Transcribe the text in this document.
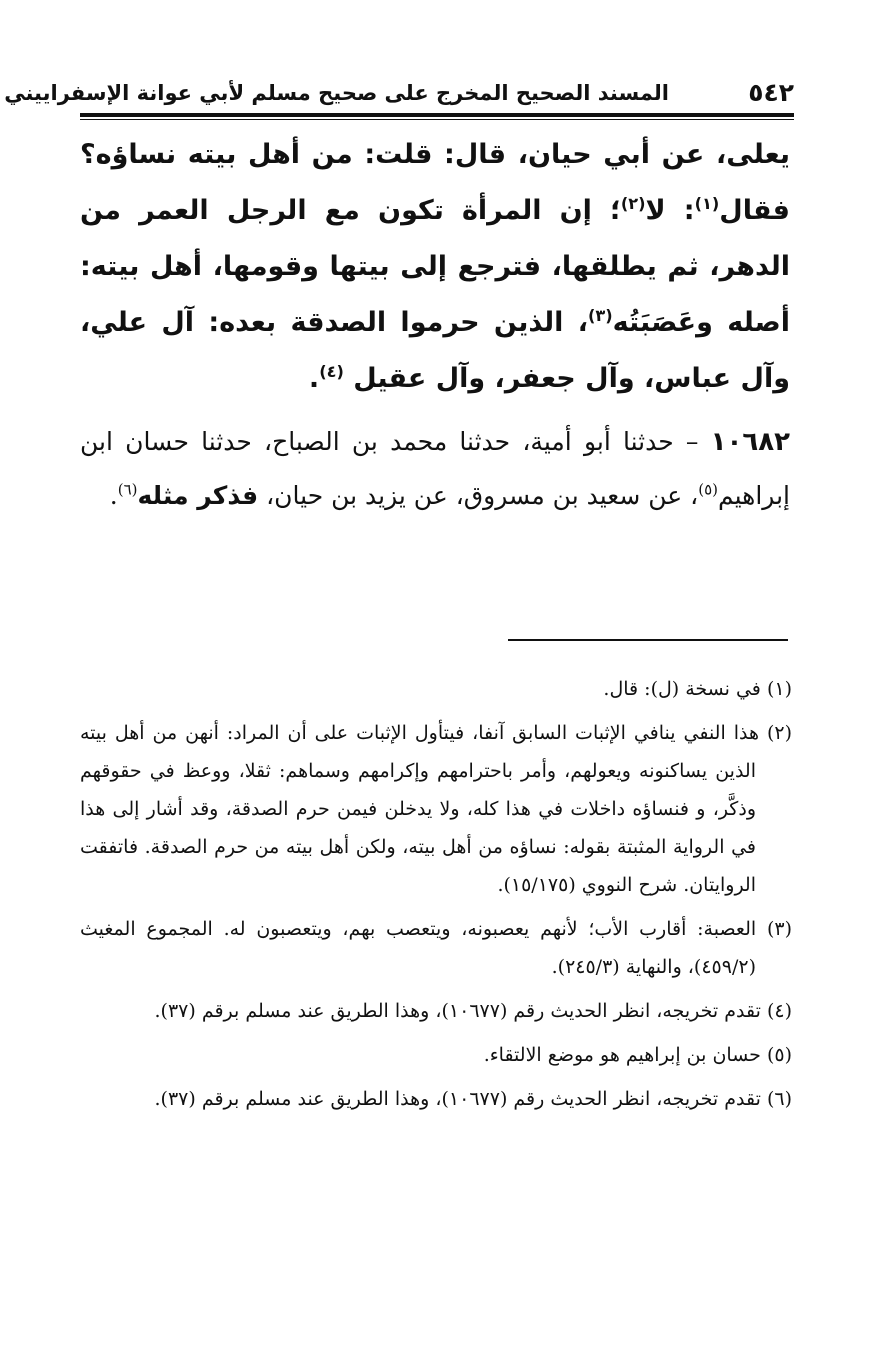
٥٤٢
المسند الصحيح المخرج على صحيح مسلم لأبي عوانة الإسفراييني

يعلى، عن أبي حيان، قال: قلت: من أهل بيته نساؤه؟ فقال$^{(١)}$: لا$^{(٢)}$؛ إن المرأة تكون مع الرجل العمر من الدهر، ثم يطلقها، فترجع إلى بيتها وقومها، أهل بيته: أصله وعَصَبَتُه$^{(٣)}$، الذين حرموا الصدقة بعده: آل علي، وآل عباس، وآل جعفر، وآل عقيل $^{(٤)}$.

١٠٦٨٢ – حدثنا أبو أمية، حدثنا محمد بن الصباح، حدثنا حسان ابن إبراهيم$^{(٥)}$، عن سعيد بن مسروق، عن يزيد بن حيان، فذكر مثله$^{(٦)}$.

(١) في نسخة (ل): قال.

(٢) هذا النفي ينافي الإثبات السابق آنفا، فيتأول الإثبات على أن المراد: أنهن من أهل بيته الذين يساكنونه ويعولهم، وأمر باحترامهم وإكرامهم وسماهم: ثقلا، ووعظ في حقوقهم وذكَّر، و فنساؤه داخلات في هذا كله، ولا يدخلن فيمن حرم الصدقة، وقد أشار إلى هذا في الرواية المثبتة بقوله: نساؤه من أهل بيته، ولكن أهل بيته من حرم الصدقة. فاتفقت الروايتان. شرح النووي (١٥/١٧٥).

(٣) العصبة: أقارب الأب؛ لأنهم يعصبونه، ويتعصب بهم، ويتعصبون له. المجموع المغيث (٤٥٩/٢)، والنهاية (٢٤٥/٣).

(٤) تقدم تخريجه، انظر الحديث رقم (١٠٦٧٧)، وهذا الطريق عند مسلم برقم (٣٧).

(٥) حسان بن إبراهيم هو موضع الالتقاء.

(٦) تقدم تخريجه، انظر الحديث رقم (١٠٦٧٧)، وهذا الطريق عند مسلم برقم (٣٧).
